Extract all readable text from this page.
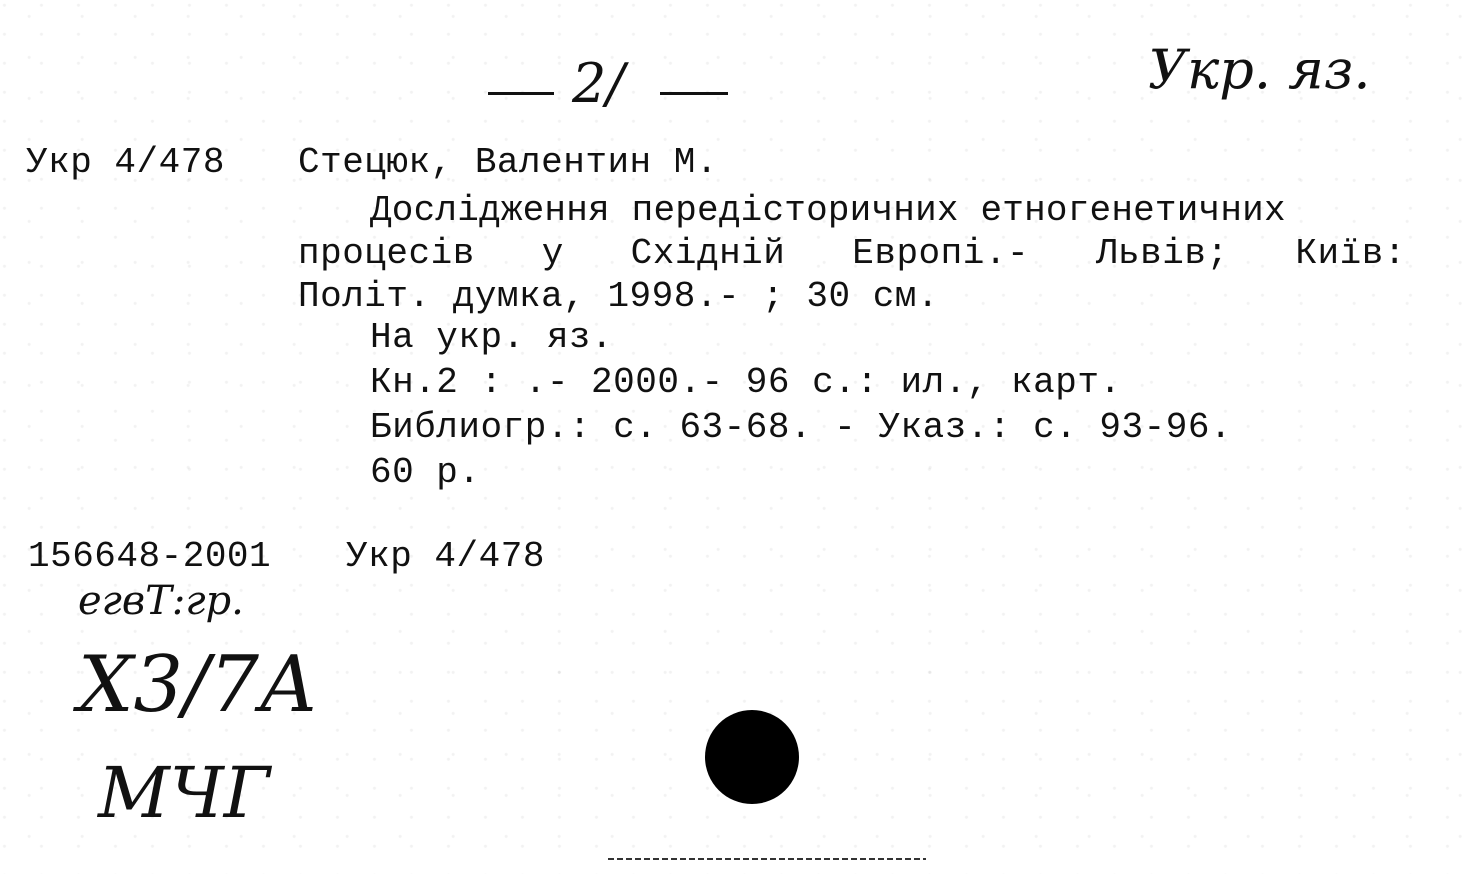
2/	Укр. яз.
Укр 4/478 Стецюк, Валентин М.
Дослідження передісторичних етногенетичних
процесів у Східній Европі.- Львів; Київ:
Політ. думка, 1998.- ; 30 см.
На укр. яз.
Кн.2 : .- 2000.- 96 с.: ил., карт.
Библиогр.: с. 63-68. - Указ.: с. 93-96.
60 р.
156648-2001 Укр 4/478
егвТ:гр.
Х3/7А
МЧГ
